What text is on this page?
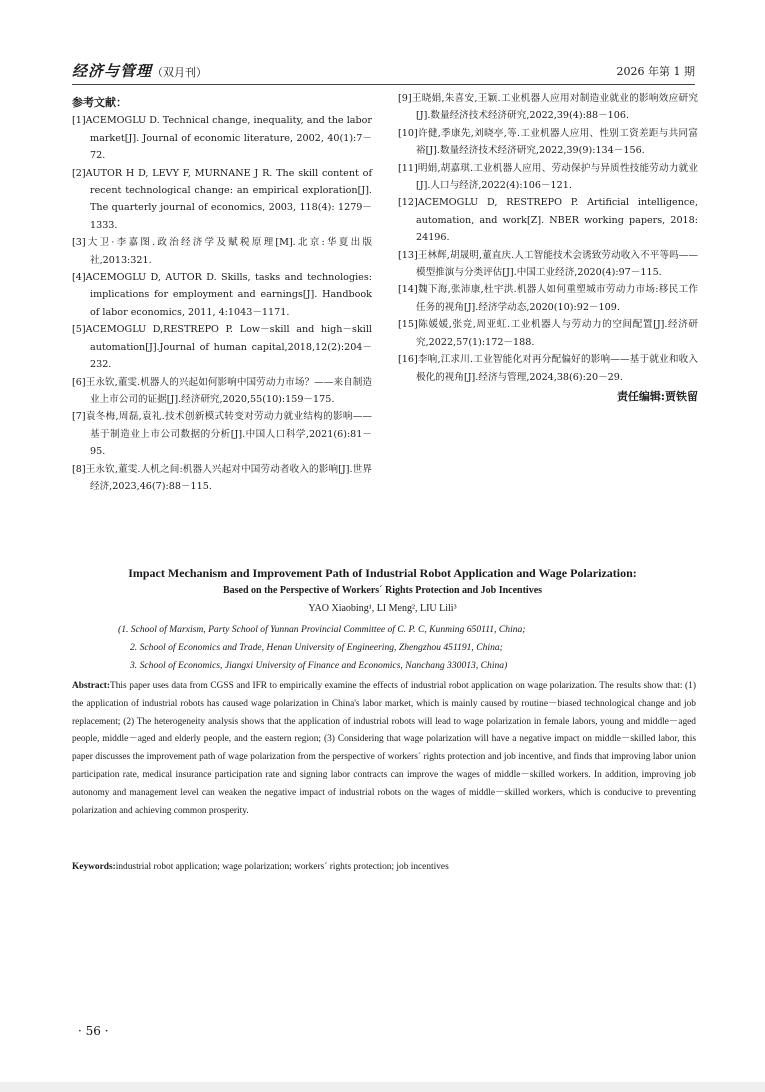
经济与管理（双月刊）	2026 年第 1 期
参考文献：

[1]ACEMOGLU D. Technical change, inequality, and the labor market[J]. Journal of economic literature, 2002, 40(1):7－72.

[2]AUTOR H D, LEVY F, MURNANE J R. The skill content of recent technological change: an empirical exploration[J]. The quarterly journal of economics, 2003, 118(4): 1279－1333.

[3]大卫·李嘉图.政治经济学及赋税原理[M].北京:华夏出版社,2013:321.

[4]ACEMOGLU D, AUTOR D. Skills, tasks and technologies: implications for employment and earnings[J]. Handbook of labor economics, 2011, 4:1043－1171.

[5]ACEMOGLU D,RESTREPO P. Low－skill and high－skill automation[J].Journal of human capital,2018,12(2):204－232.

[6]王永钦,董雯.机器人的兴起如何影响中国劳动力市场？——来自制造业上市公司的证据[J].经济研究,2020,55(10):159－175.

[7]袁冬梅,周磊,袁礼.技术创新模式转变对劳动力就业结构的影响——基于制造业上市公司数据的分析[J].中国人口科学,2021(6):81－95.

[8]王永钦,董雯.人机之间:机器人兴起对中国劳动者收入的影响[J].世界经济,2023,46(7):88－115.

[9]王晓娟,朱喜安,王颖.工业机器人应用对制造业就业的影响效应研究[J].数量经济技术经济研究,2022,39(4):88－106.

[10]许健,季康先,刘晓亭,等.工业机器人应用、性别工资差距与共同富裕[J].数量经济技术经济研究,2022,39(9):134－156.

[11]明娟,胡嘉琪.工业机器人应用、劳动保护与异质性技能劳动力就业[J].人口与经济,2022(4):106－121.

[12]ACEMOGLU D, RESTREPO P. Artificial intelligence, automation, and work[Z]. NBER working papers, 2018: 24196.

[13]王林辉,胡晟明,董直庆.人工智能技术会诱致劳动收入不平等吗——模型推演与分类评估[J].中国工业经济,2020(4):97－115.

[14]魏下海,张沛康,杜宇洪.机器人如何重塑城市劳动力市场:移民工作任务的视角[J].经济学动态,2020(10):92－109.

[15]陈媛媛,张竞,周亚虹.工业机器人与劳动力的空间配置[J].经济研究,2022,57(1):172－188.

[16]李响,江求川.工业智能化对再分配偏好的影响——基于就业和收入极化的视角[J].经济与管理,2024,38(6):20－29.

责任编辑:贾铁留
Impact Mechanism and Improvement Path of Industrial Robot Application and Wage Polarization:
Based on the Perspective of Workers´ Rights Protection and Job Incentives
YAO Xiaobing¹, LI Meng², LIU Lili³

(1. School of Marxism, Party School of Yunnan Provincial Committee of C. P. C, Kunming 650111, China;

2. School of Economics and Trade, Henan University of Engineering, Zhengzhou 451191, China;

3. School of Economics, Jiangxi University of Finance and Economics, Nanchang 330013, China)

Abstract:This paper uses data from CGSS and IFR to empirically examine the effects of industrial robot application on wage polarization. The results show that: (1) the application of industrial robots has caused wage polarization in China's labor market, which is mainly caused by routine－biased technological change and job replacement; (2) The heterogeneity analysis shows that the application of industrial robots will lead to wage polarization in female labors, young and middle－aged people, middle－aged and elderly people, and the eastern region; (3) Considering that wage polarization will have a negative impact on middle－skilled labor, this paper discusses the improvement path of wage polarization from the perspective of workers´ rights protection and job incentive, and finds that improving labor union participation rate, medical insurance participation rate and signing labor contracts can improve the wages of middle－skilled workers. In addition, improving job autonomy and management level can weaken the negative impact of industrial robots on the wages of middle－skilled workers, which is conducive to preventing polarization and achieving common prosperity.

Keywords:industrial robot application; wage polarization; workers´ rights protection; job incentives

· 56 ·
